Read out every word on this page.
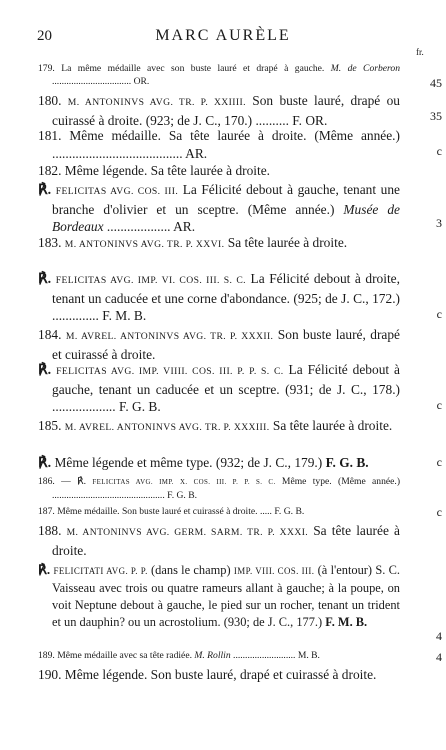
20	MARC AURÈLE
fr.
179. La même médaille avec son buste lauré et drapé à gauche. M. de Corberon ................................. OR.	45
180. M. ANTONINVS AVG. TR. P. XXIIII. Son buste lauré, drapé ou cuirassé à droite. (923; de J. C., 170.) .......... F. OR.	35
181. Même médaille. Sa tête laurée à droite. (Même année.) ....................................... AR.	c
182. Même légende. Sa tête laurée à droite.
℟. FELICITAS AVG. COS. III. La Félicité debout à gauche, tenant une branche d'olivier et un sceptre. (Même année.) Musée de Bordeaux ................... AR.	3
183. M. ANTONINVS AVG. TR. P. XXVI. Sa tête laurée à droite.
℟. FELICITAS AVG. IMP. VI. COS. III. S. C. La Félicité debout à droite, tenant un caducée et une corne d'abondance. (925; de J. C., 172.) .............. F. M. B.	c
184. M. AVREL. ANTONINVS AVG. TR. P. XXXII. Son buste lauré, drapé et cuirassé à droite.
℟. FELICITAS AVG. IMP. VIIII. COS. III. P. P. S. C. La Félicité debout à gauche, tenant un caducée et un sceptre. (931; de J. C., 178.) ................... F. G. B.	c
185. M. AVREL. ANTONINVS AVG. TR. P. XXXIII. Sa tête laurée à droite.
℟. Même légende et même type. (932; de J. C., 179.) F. G. B.	c
186. — ℟. FELICITAS AVG. IMP. X. COS. III. P. P. S. C. Même type. (Même année.) ............................................... F. G. B.
187. Même médaille. Son buste lauré et cuirassé à droite. ..... F. G. B.	c
188. M. ANTONINVS AVG. GERM. SARM. TR. P. XXXI. Sa tête laurée à droite.
℟. FELICITATI AVG. P. P. (dans le champ) IMP. VIII. COS. III. (à l'entour) S. C. Vaisseau avec trois ou quatre rameurs allant à gauche; à la poupe, on voit Neptune debout à gauche, le pied sur un rocher, tenant un trident et un dauphin? ou un acrostolium. (930; de J. C., 177.) F. M. B.
4
189. Même médaille avec sa tête radiée. M. Rollin .......................... M. B.	4
190. Même légende. Son buste lauré, drapé et cuirassé à droite.
